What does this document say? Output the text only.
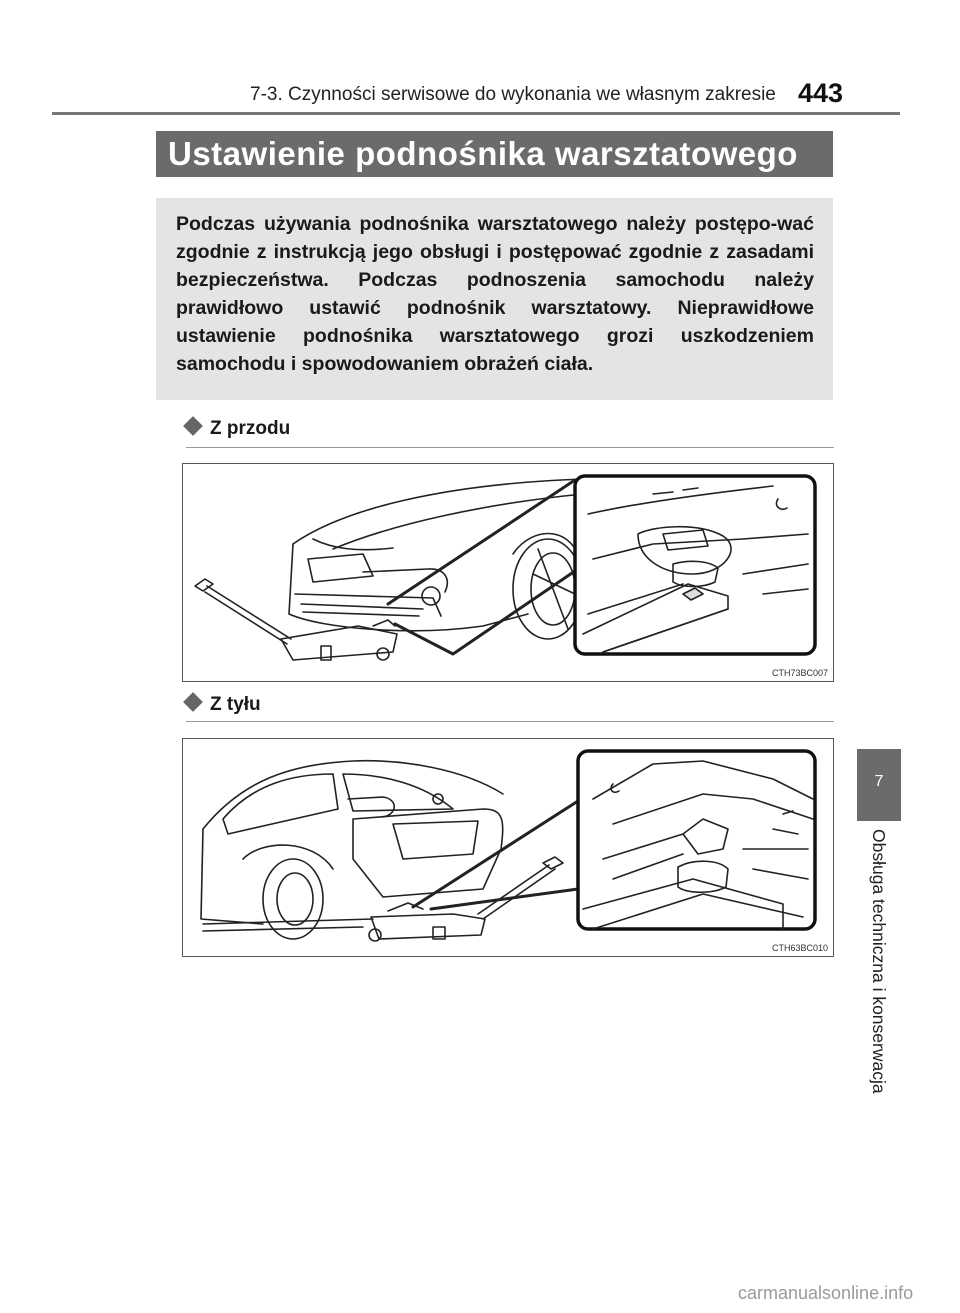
7-3. Czynności serwisowe do wykonania we własnym zakresie 443
Ustawienie podnośnika warsztatowego

Podczas używania podnośnika warsztatowego należy postępo-wać zgodnie z instrukcją jego obsługi i postępować zgodnie z zasadami bezpieczeństwa. Podczas podnoszenia samochodu należy prawidłowo ustawić podnośnik warsztatowy. Nieprawidłowe ustawienie podnośnika warsztatowego grozi uszkodzeniem samochodu i spowodowaniem obrażeń ciała.

Z przodu
CTH73BC007
Z tyłu
CTH63BC010
7
Obsługa techniczna i konserwacja
carmanualsonline.info
